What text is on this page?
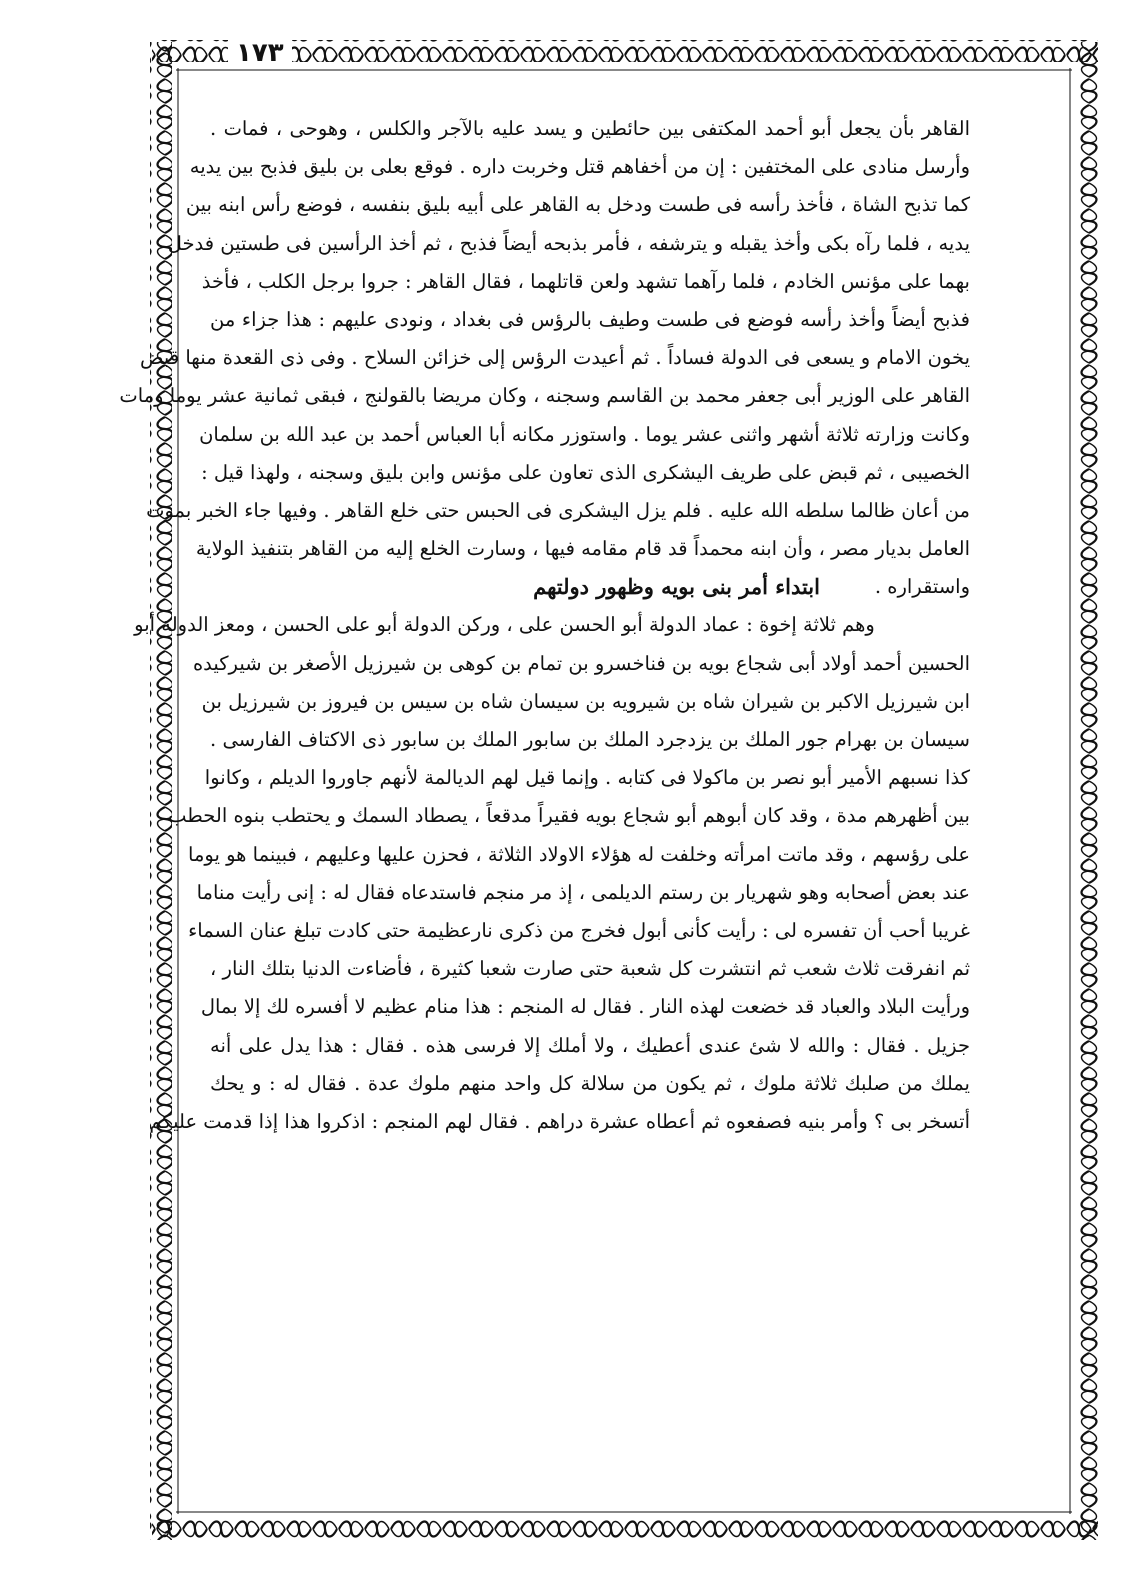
١٧٣
القاهر بأن يجعل أبو أحمد المكتفى بين حائطين و يسد عليه بالآجر والكلس ، وهوحى ، فمات .
وأرسل منادى على المختفين : إن من أخفاهم قتل وخربت داره . فوقع بعلى بن بليق فذبح بين يديه
كما تذبح الشاة ، فأخذ رأسه فى طست ودخل به القاهر على أبيه بليق بنفسه ، فوضع رأس ابنه بين
يديه ، فلما رآه بكى وأخذ يقبله و يترشفه ، فأمر بذبحه أيضاً فذبح ، ثم أخذ الرأسين فى طستين فدخل
بهما على مؤنس الخادم ، فلما رآهما تشهد ولعن قاتلهما ، فقال القاهر : جروا برجل الكلب ، فأخذ
فذبح أيضاً وأخذ رأسه فوضع فى طست وطيف بالرؤس فى بغداد ، ونودى عليهم : هذا جزاء من
يخون الامام و يسعى فى الدولة فساداً . ثم أعيدت الرؤس إلى خزائن السلاح . وفى ذى القعدة منها قبض
القاهر على الوزير أبى جعفر محمد بن القاسم وسجنه ، وكان مريضا بالقولنج ، فبقى ثمانية عشر يوما ومات
وكانت وزارته ثلاثة أشهر واثنى عشر يوما . واستوزر مكانه أبا العباس أحمد بن عبد الله بن سلمان
الخصيبى ، ثم قبض على طريف اليشكرى الذى تعاون على مؤنس وابن بليق وسجنه ، ولهذا قيل :
من أعان ظالما سلطه الله عليه . فلم يزل اليشكرى فى الحبس حتى خلع القاهر . وفيها جاء الخبر بموت
العامل بديار مصر ، وأن ابنه محمداً قد قام مقامه فيها ، وسارت الخلع إليه من القاهر بتنفيذ الولاية
واستقراره .
ابتداء أمر بنى بويه وظهور دولتهم
وهم ثلاثة إخوة : عماد الدولة أبو الحسن على ، وركن الدولة أبو على الحسن ، ومعز الدولة أبو
الحسين أحمد أولاد أبى شجاع بويه بن فناخسرو بن تمام بن كوهى بن شيرزيل الأصغر بن شيركيده
ابن شيرزيل الاكبر بن شيران شاه بن شيرويه بن سيسان شاه بن سيس بن فيروز بن شيرزيل بن
سيسان بن بهرام جور الملك بن يزدجرد الملك بن سابور الملك بن سابور ذى الاكتاف الفارسى .
كذا نسبهم الأمير أبو نصر بن ماكولا فى كتابه . وإنما قيل لهم الديالمة لأنهم جاوروا الديلم ، وكانوا
بين أظهرهم مدة ، وقد كان أبوهم أبو شجاع بويه فقيراً مدقعاً ، يصطاد السمك و يحتطب بنوه الحطب
على رؤسهم ، وقد ماتت امرأته وخلفت له هؤلاء الاولاد الثلاثة ، فحزن عليها وعليهم ، فبينما هو يوما
عند بعض أصحابه وهو شهريار بن رستم الديلمى ، إذ مر منجم فاستدعاه فقال له : إنى رأيت مناما
غريبا أحب أن تفسره لى : رأيت كأنى أبول فخرج من ذكرى نارعظيمة حتى كادت تبلغ عنان السماء
ثم انفرقت ثلاث شعب ثم انتشرت كل شعبة حتى صارت شعبا كثيرة ، فأضاءت الدنيا بتلك النار ،
ورأيت البلاد والعباد قد خضعت لهذه النار . فقال له المنجم : هذا منام عظيم لا أفسره لك إلا بمال
جزيل . فقال : والله لا شئ عندى أعطيك ، ولا أملك إلا فرسى هذه . فقال : هذا يدل على أنه
يملك من صلبك ثلاثة ملوك ، ثم يكون من سلالة كل واحد منهم ملوك عدة . فقال له : و يحك
أتسخر بى ؟ وأمر بنيه فصفعوه ثم أعطاه عشرة دراهم . فقال لهم المنجم : اذكروا هذا إذا قدمت عليكم
